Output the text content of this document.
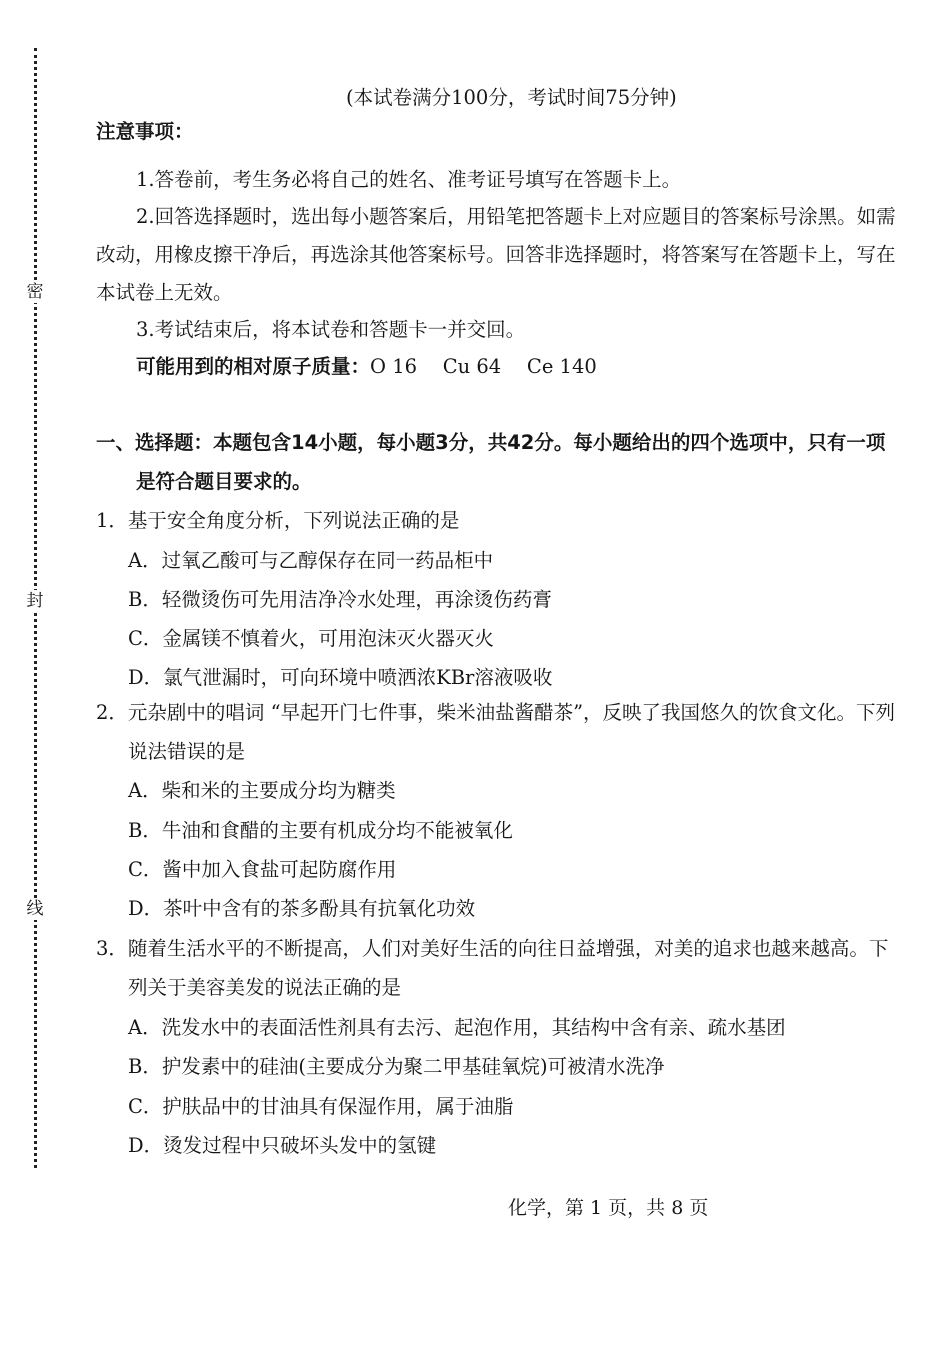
密
封
线
(本试卷满分100分，考试时间75分钟)
注意事项：
1.答卷前，考生务必将自己的姓名、准考证号填写在答题卡上。
2.回答选择题时，选出每小题答案后，用铅笔把答题卡上对应题目的答案标号涂黑。如需
改动，用橡皮擦干净后，再选涂其他答案标号。回答非选择题时，将答案写在答题卡上，写在
本试卷上无效。
3.考试结束后，将本试卷和答题卡一并交回。
可能用到的相对原子质量：O 16　 Cu 64　 Ce 140
一、选择题：本题包含14小题，每小题3分，共42分。每小题给出的四个选项中，只有一项
是符合题目要求的。
1．基于安全角度分析，下列说法正确的是
A．过氧乙酸可与乙醇保存在同一药品柜中
B．轻微烫伤可先用洁净冷水处理，再涂烫伤药膏
C．金属镁不慎着火，可用泡沫灭火器灭火
D．氯气泄漏时，可向环境中喷洒浓KBr溶液吸收
2．元杂剧中的唱词 “早起开门七件事，柴米油盐酱醋茶”，反映了我国悠久的饮食文化。下列
说法错误的是
A．柴和米的主要成分均为糖类
B．牛油和食醋的主要有机成分均不能被氧化
C．酱中加入食盐可起防腐作用
D．茶叶中含有的茶多酚具有抗氧化功效
3．随着生活水平的不断提高，人们对美好生活的向往日益增强，对美的追求也越来越高。下
列关于美容美发的说法正确的是
A．洗发水中的表面活性剂具有去污、起泡作用，其结构中含有亲、疏水基团
B．护发素中的硅油(主要成分为聚二甲基硅氧烷)可被清水洗净
C．护肤品中的甘油具有保湿作用，属于油脂
D．烫发过程中只破坏头发中的氢键
化学，第 1 页，共 8 页
